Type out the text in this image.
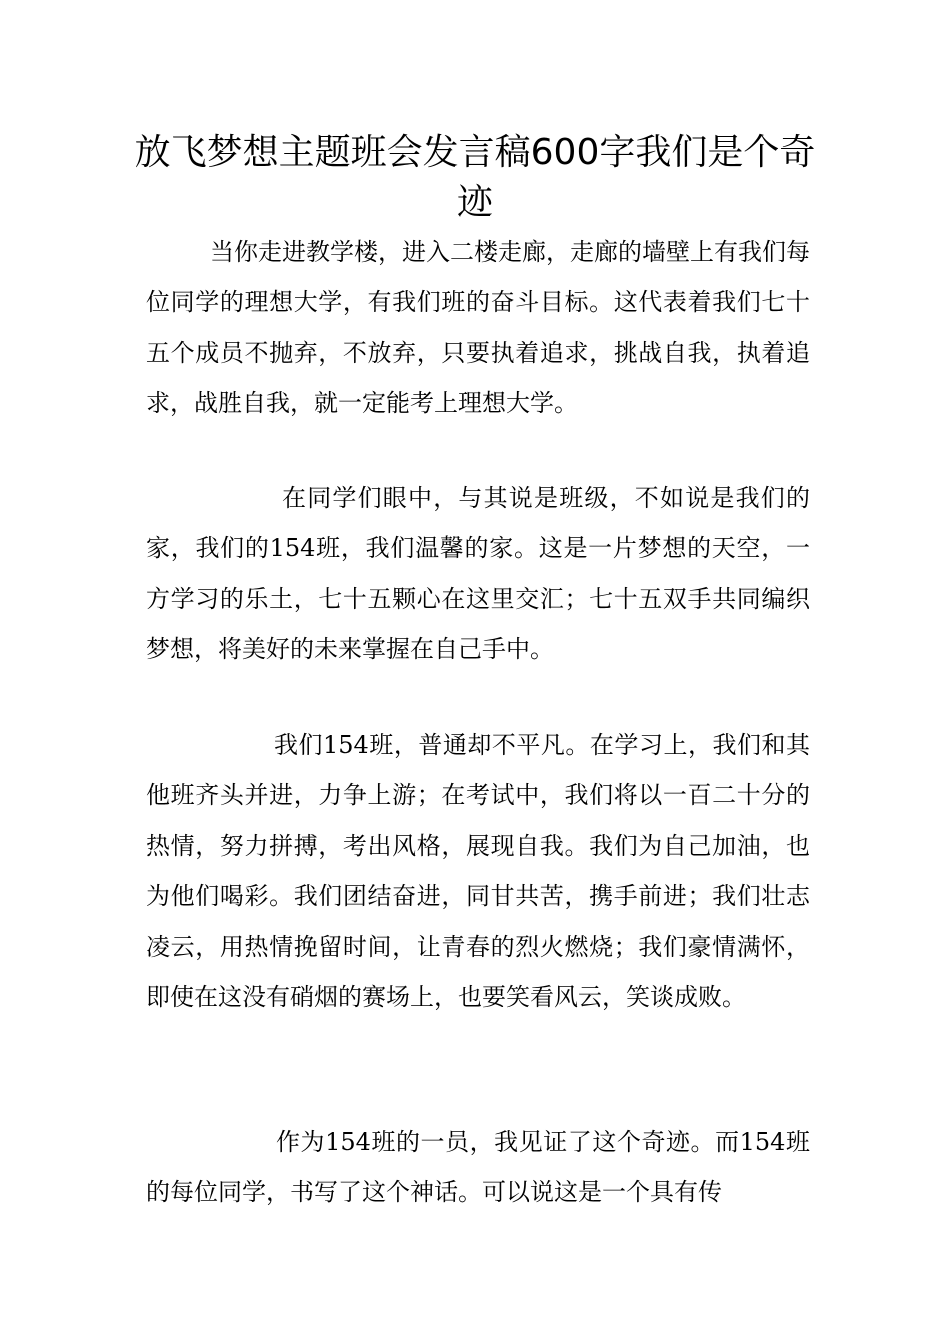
放飞梦想主题班会发言稿600字我们是个奇迹

当你走进教学楼，进入二楼走廊，走廊的墙壁上有我们每位同学的理想大学，有我们班的奋斗目标。这代表着我们七十五个成员不抛弃，不放弃，只要执着追求，挑战自我，执着追求，战胜自我，就一定能考上理想大学。

在同学们眼中，与其说是班级，不如说是我们的家，我们的154班，我们温馨的家。这是一片梦想的天空，一方学习的乐土，七十五颗心在这里交汇；七十五双手共同编织梦想，将美好的未来掌握在自己手中。

我们154班，普通却不平凡。在学习上，我们和其他班齐头并进，力争上游；在考试中，我们将以一百二十分的热情，努力拼搏，考出风格，展现自我。我们为自己加油，也为他们喝彩。我们团结奋进，同甘共苦，携手前进；我们壮志凌云，用热情挽留时间，让青春的烈火燃烧；我们豪情满怀，即使在这没有硝烟的赛场上，也要笑看风云，笑谈成败。

作为154班的一员，我见证了这个奇迹。而154班的每位同学，书写了这个神话。可以说这是一个具有传
